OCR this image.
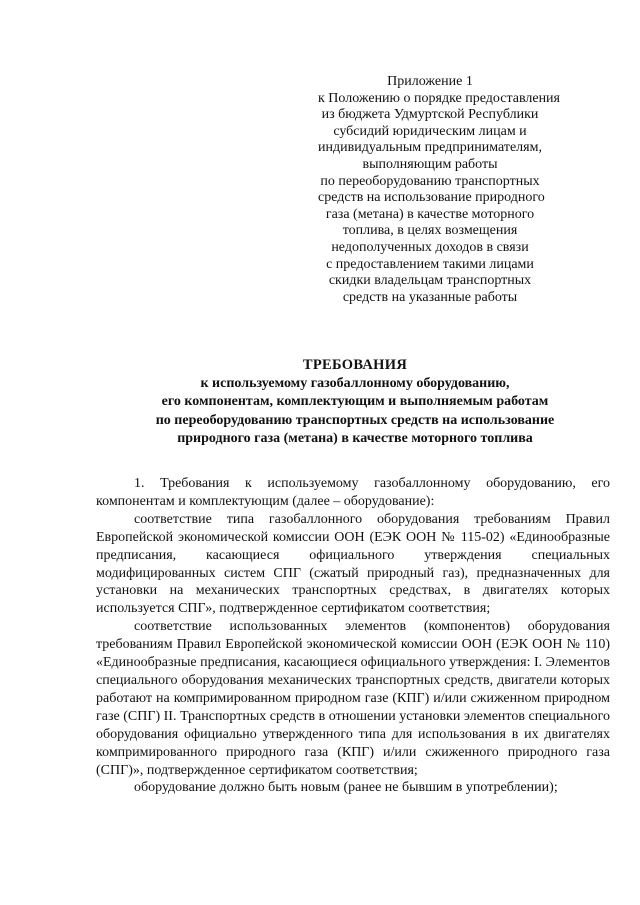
Приложение 1
к Положению о порядке предоставления
из бюджета Удмуртской Республики
субсидий юридическим лицам и
индивидуальным предпринимателям,
выполняющим работы
по переоборудованию транспортных
средств на использование природного
газа (метана) в качестве моторного
топлива, в целях возмещения
недополученных доходов в связи
с предоставлением такими лицами
скидки владельцам транспортных
средств на указанные работы
ТРЕБОВАНИЯ
к используемому газобаллонному оборудованию,
его компонентам, комплектующим и выполняемым работам
по переоборудованию транспортных средств на использование
природного газа (метана) в качестве моторного топлива

1. Требования к используемому газобаллонному оборудованию, его компонентам и комплектующим (далее – оборудование):

соответствие типа газобаллонного оборудования требованиям Правил Европейской экономической комиссии ООН (ЕЭК ООН № 115-02) «Единообразные предписания, касающиеся официального утверждения специальных модифицированных систем СПГ (сжатый природный газ), предназначенных для установки на механических транспортных средствах, в двигателях которых используется СПГ», подтвержденное сертификатом соответствия;

соответствие использованных элементов (компонентов) оборудования требованиям Правил Европейской экономической комиссии ООН (ЕЭК ООН № 110) «Единообразные предписания, касающиеся официального утверждения: I. Элементов специального оборудования механических транспортных средств, двигатели которых работают на компримированном природном газе (КПГ) и/или сжиженном природном газе (СПГ) II. Транспортных средств в отношении установки элементов специального оборудования официально утвержденного типа для использования в их двигателях компримированного природного газа (КПГ) и/или сжиженного природного газа (СПГ)», подтвержденное сертификатом соответствия;

оборудование должно быть новым (ранее не бывшим в употреблении);
